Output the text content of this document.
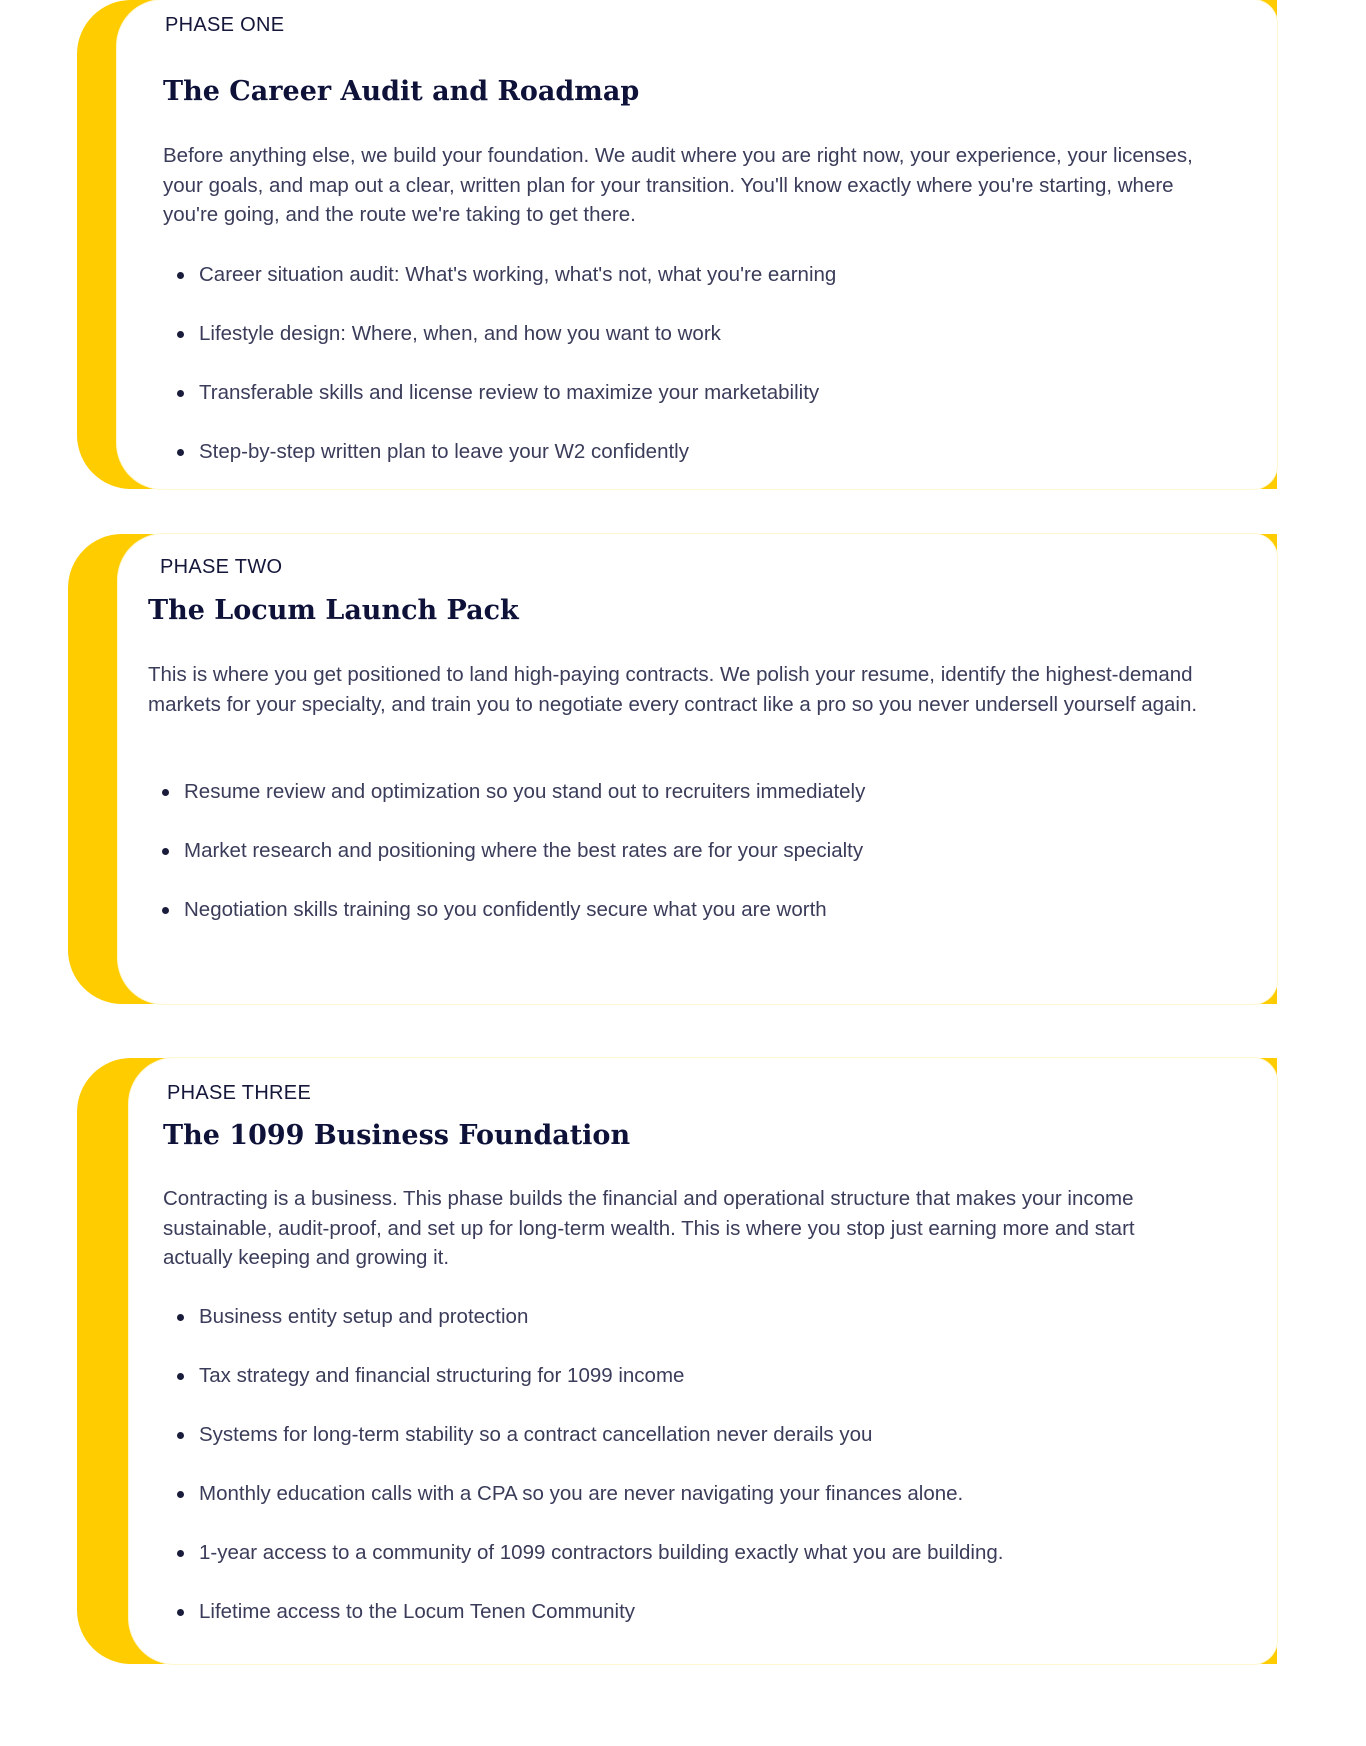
PHASE ONE
The Career Audit and Roadmap
Before anything else, we build your foundation. We audit where you are right now, your experience, your licenses, your goals, and map out a clear, written plan for your transition. You'll know exactly where you're starting, where you're going, and the route we're taking to get there.
Career situation audit: What's working, what's not, what you're earning
Lifestyle design: Where, when, and how you want to work
Transferable skills and license review to maximize your marketability
Step-by-step written plan to leave your W2 confidently
PHASE TWO
The Locum Launch Pack
This is where you get positioned to land high-paying contracts. We polish your resume, identify the highest-demand markets for your specialty, and train you to negotiate every contract like a pro so you never undersell yourself again.
Resume review and optimization so you stand out to recruiters immediately
Market research and positioning where the best rates are for your specialty
Negotiation skills training so you confidently secure what you are worth
PHASE THREE
The 1099 Business Foundation
Contracting is a business. This phase builds the financial and operational structure that makes your income sustainable, audit-proof, and set up for long-term wealth. This is where you stop just earning more and start actually keeping and growing it.
Business entity setup and protection
Tax strategy and financial structuring for 1099 income
Systems for long-term stability so a contract cancellation never derails you
Monthly education calls with a CPA so you are never navigating your finances alone.
1-year access to a community of 1099 contractors building exactly what you are building.
Lifetime access to the Locum Tenen Community
